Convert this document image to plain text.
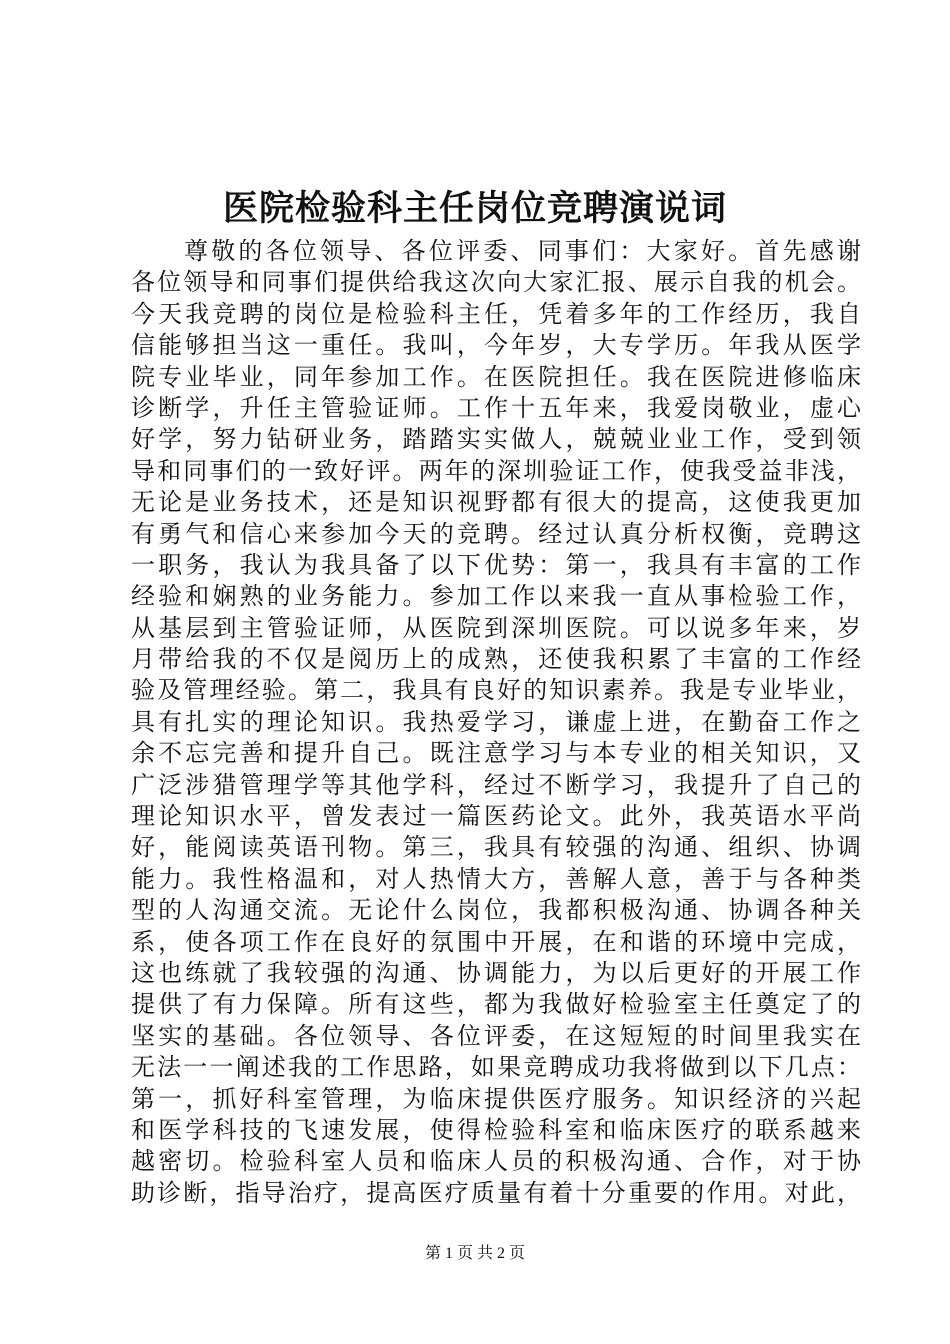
医院检验科主任岗位竞聘演说词
尊敬的各位领导、各位评委、同事们：大家好。首先感谢
各位领导和同事们提供给我这次向大家汇报、展示自我的机会。
今天我竞聘的岗位是检验科主任，凭着多年的工作经历，我自
信能够担当这一重任。我叫，今年岁，大专学历。年我从医学
院专业毕业，同年参加工作。在医院担任。我在医院进修临床
诊断学，升任主管验证师。工作十五年来，我爱岗敬业，虚心
好学，努力钻研业务，踏踏实实做人，兢兢业业工作，受到领
导和同事们的一致好评。两年的深圳验证工作，使我受益非浅，
无论是业务技术，还是知识视野都有很大的提高，这使我更加
有勇气和信心来参加今天的竞聘。经过认真分析权衡，竞聘这
一职务，我认为我具备了以下优势：第一，我具有丰富的工作
经验和娴熟的业务能力。参加工作以来我一直从事检验工作，
从基层到主管验证师，从医院到深圳医院。可以说多年来，岁
月带给我的不仅是阅历上的成熟，还使我积累了丰富的工作经
验及管理经验。第二，我具有良好的知识素养。我是专业毕业，
具有扎实的理论知识。我热爱学习，谦虚上进，在勤奋工作之
余不忘完善和提升自己。既注意学习与本专业的相关知识，又
广泛涉猎管理学等其他学科，经过不断学习，我提升了自己的
理论知识水平，曾发表过一篇医药论文。此外，我英语水平尚
好，能阅读英语刊物。第三，我具有较强的沟通、组织、协调
能力。我性格温和，对人热情大方，善解人意，善于与各种类
型的人沟通交流。无论什么岗位，我都积极沟通、协调各种关
系，使各项工作在良好的氛围中开展，在和谐的环境中完成，
这也练就了我较强的沟通、协调能力，为以后更好的开展工作
提供了有力保障。所有这些，都为我做好检验室主任奠定了的
坚实的基础。各位领导、各位评委，在这短短的时间里我实在
无法一一阐述我的工作思路，如果竞聘成功我将做到以下几点：
第一，抓好科室管理，为临床提供医疗服务。知识经济的兴起
和医学科技的飞速发展，使得检验科室和临床医疗的联系越来
越密切。检验科室人员和临床人员的积极沟通、合作，对于协
助诊断，指导治疗，提高医疗质量有着十分重要的作用。对此，
第 1 页 共 2 页
